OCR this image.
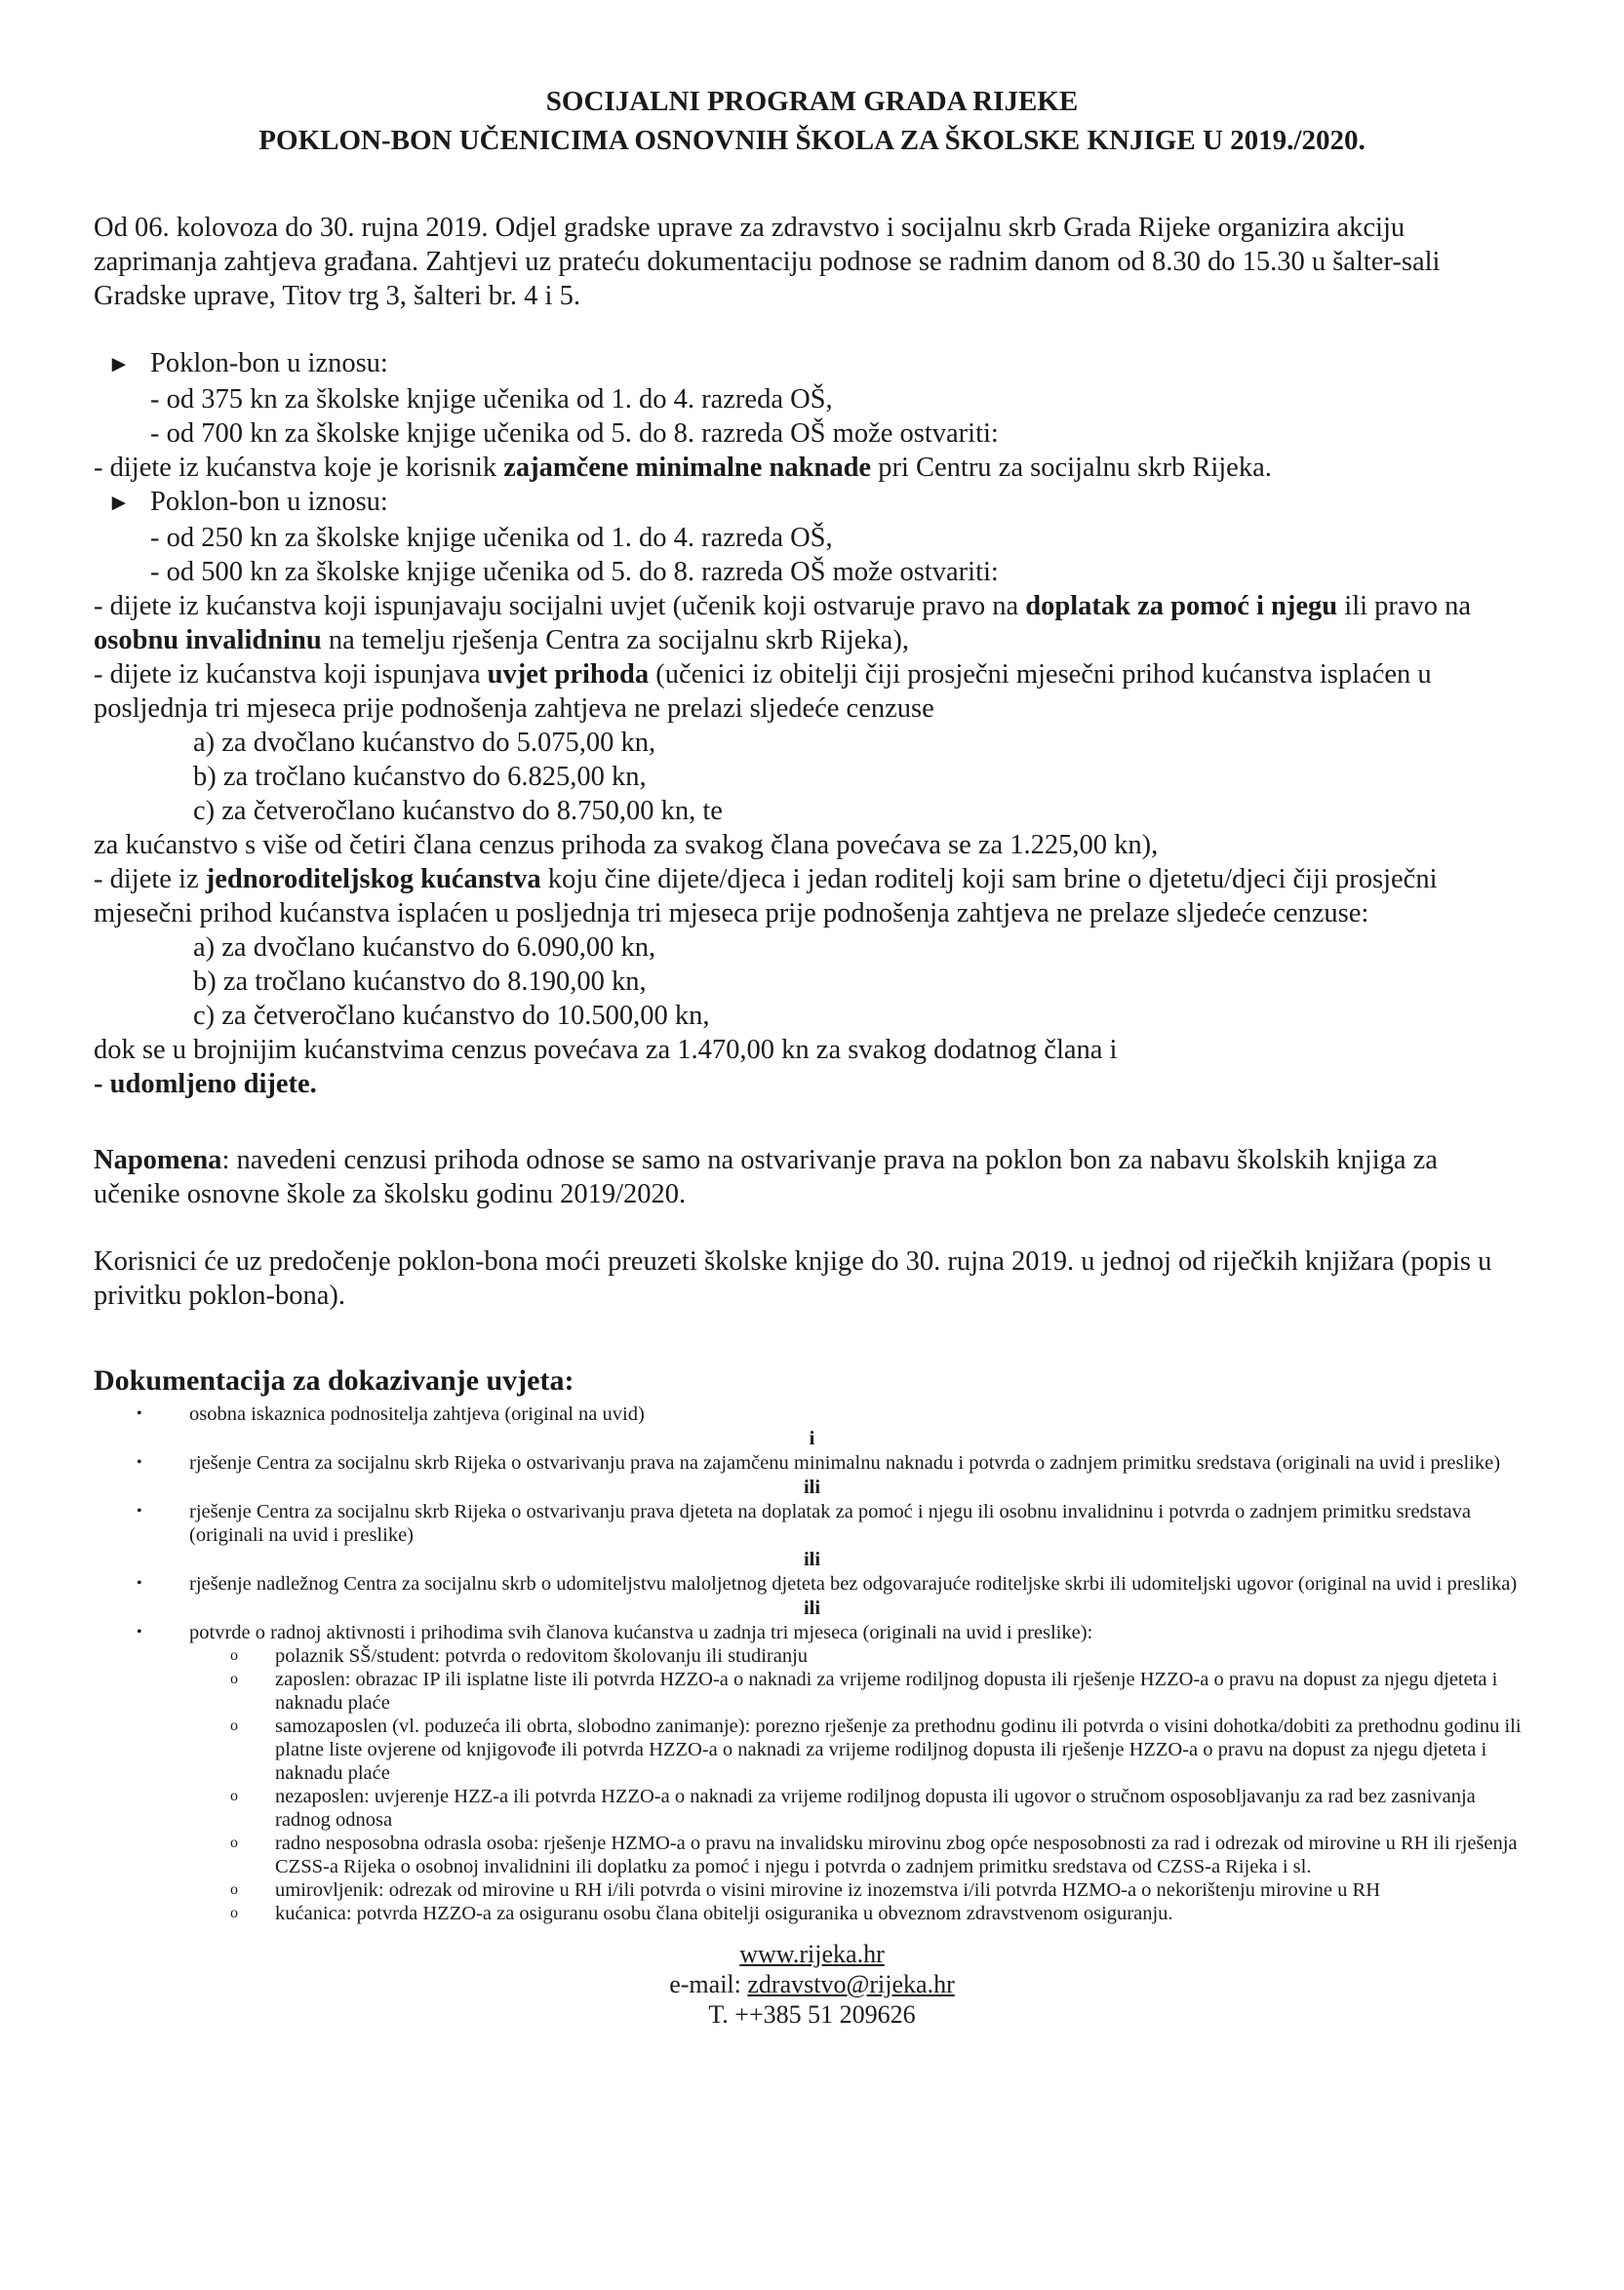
SOCIJALNI PROGRAM GRADA RIJEKE
POKLON-BON UČENICIMA OSNOVNIH ŠKOLA ZA ŠKOLSKE KNJIGE U 2019./2020.
Od 06. kolovoza do 30. rujna 2019. Odjel gradske uprave za zdravstvo i socijalnu skrb Grada Rijeke organizira akciju zaprimanja zahtjeva građana. Zahtjevi uz prateću dokumentaciju podnose se radnim danom od 8.30 do 15.30 u šalter-sali Gradske uprave, Titov trg 3, šalteri br. 4 i 5.
► Poklon-bon u iznosu:
- od 375 kn za školske knjige učenika od 1. do 4. razreda OŠ,
- od 700 kn za školske knjige učenika od 5. do 8. razreda OŠ može ostvariti:
- dijete iz kućanstva koje je korisnik zajamčene minimalne naknade pri Centru za socijalnu skrb Rijeka.
► Poklon-bon u iznosu:
- od 250 kn za školske knjige učenika od 1. do 4. razreda OŠ,
- od 500 kn za školske knjige učenika od 5. do 8. razreda OŠ može ostvariti:
- dijete iz kućanstva koji ispunjavaju socijalni uvjet (učenik koji ostvaruje pravo na doplatak za pomoć i njegu ili pravo na osobnu invalidninu na temelju rješenja Centra za socijalnu skrb Rijeka),
- dijete iz kućanstva koji ispunjava uvjet prihoda (učenici iz obitelji čiji prosječni mjesečni prihod kućanstva isplaćen u posljednja tri mjeseca prije podnošenja zahtjeva ne prelazi sljedeće cenzuse
a) za dvočlano kućanstvo do 5.075,00 kn,
b) za tročlano kućanstvo do 6.825,00 kn,
c) za četveročlano kućanstvo do 8.750,00 kn, te
za kućanstvo s više od četiri člana cenzus prihoda za svakog člana povećava se za 1.225,00 kn),
- dijete iz jednoroditeljskog kućanstva koju čine dijete/djeca i jedan roditelj koji sam brine o djetetu/djeci čiji prosječni mjesečni prihod kućanstva isplaćen u posljednja tri mjeseca prije podnošenja zahtjeva ne prelaze sljedeće cenzuse:
a) za dvočlano kućanstvo do 6.090,00 kn,
b) za tročlano kućanstvo do 8.190,00 kn,
c) za četveročlano kućanstvo do 10.500,00 kn,
dok se u brojnijim kućanstvima cenzus povećava za 1.470,00 kn za svakog dodatnog člana i
- udomljeno dijete.
Napomena: navedeni cenzusi prihoda odnose se samo na ostvarivanje prava na poklon bon za nabavu školskih knjiga za učenike osnovne škole za školsku godinu 2019/2020.
Korisnici će uz predočenje poklon-bona moći preuzeti školske knjige do 30. rujna 2019. u jednoj od riječkih knjižara (popis u privitku poklon-bona).
Dokumentacija za dokazivanje uvjeta:
•	osobna iskaznica podnositelja zahtjeva (original na uvid)
i
•	rješenje Centra za socijalnu skrb Rijeka o ostvarivanju prava na zajamčenu minimalnu naknadu i potvrda o zadnjem primitku sredstava (originali na uvid i preslike)
ili
•	rješenje Centra za socijalnu skrb Rijeka o ostvarivanju prava djeteta na doplatak za pomoć i njegu ili osobnu invalidninu i potvrda o zadnjem primitku sredstava (originali na uvid i preslike)
ili
•	rješenje nadležnog Centra za socijalnu skrb o udomiteljstvu maloljetnog djeteta bez odgovarajuće roditeljske skrbi ili udomiteljski ugovor (original na uvid i preslika)
ili
•	potvrde o radnoj aktivnosti i prihodima svih članova kućanstva u zadnja tri mjeseca (originali na uvid i preslike):
o	polaznik SŠ/student: potvrda o redovitom školovanju ili studiranju
o	zaposlen: obrazac IP ili isplatne liste ili potvrda HZZO-a o naknadi za vrijeme rodiljnog dopusta ili rješenje HZZO-a o pravu na dopust za njegu djeteta i naknadu plaće
o	samozaposlen (vl. poduzeća ili obrta, slobodno zanimanje): porezno rješenje za prethodnu godinu ili potvrda o visini dohotka/dobiti za prethodnu godinu ili platne liste ovjerene od knjigovođe ili potvrda HZZO-a o naknadi za vrijeme rodiljnog dopusta ili rješenje HZZO-a o pravu na dopust za njegu djeteta i naknadu plaće
o	nezaposlen: uvjerenje HZZ-a ili potvrda HZZO-a o naknadi za vrijeme rodiljnog dopusta ili ugovor o stručnom osposobljavanju za rad bez zasnivanja radnog odnosa
o	radno nesposobna odrasla osoba: rješenje HZMO-a o pravu na invalidsku mirovinu zbog opće nesposobnosti za rad i odrezak od mirovine u RH ili rješenja CZSS-a Rijeka o osobnoj invalidnini ili doplatku za pomoć i njegu i potvrda o zadnjem primitku sredstava od CZSS-a Rijeka i sl.
o	umirovljenik: odrezak od mirovine u RH i/ili potvrda o visini mirovine iz inozemstva i/ili potvrda HZMO-a o nekorištenju mirovine u RH
o	kućanica: potvrda HZZO-a za osiguranu osobu člana obitelji osiguranika u obveznom zdravstvenom osiguranju.
www.rijeka.hr
e-mail: zdravstvo@rijeka.hr
T. ++385 51 209626
